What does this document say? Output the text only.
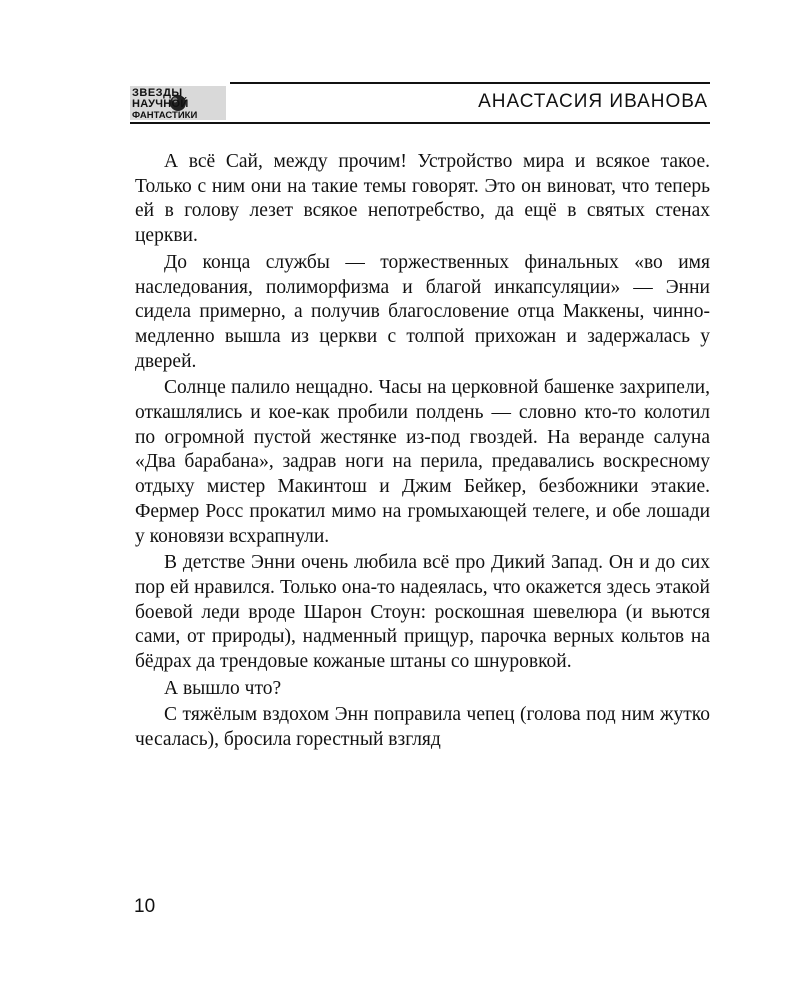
ЗВЕЗДЫ
НАУЧНОЙ
ФАНТАСТИКИ
АНАСТАСИЯ ИВАНОВА

А всё Сай, между прочим! Устройство мира и всякое такое. Только с ним они на такие темы говорят. Это он виноват, что теперь ей в голову лезет всякое непотребство, да ещё в святых стенах церкви.

До конца службы — торжественных финальных «во имя наследования, полиморфизма и благой инкапсуляции» — Энни сидела примерно, а получив благословение отца Маккены, чинно-медленно вышла из церкви с толпой прихожан и задержалась у дверей.

Солнце палило нещадно. Часы на церковной башенке захрипели, откашлялись и кое-как пробили полдень — словно кто-то колотил по огромной пустой жестянке из-под гвоздей. На веранде салуна «Два барабана», задрав ноги на перила, предавались воскресному отдыху мистер Макинтош и Джим Бейкер, безбожники этакие. Фермер Росс прокатил мимо на громыхающей телеге, и обе лошади у коновязи всхрапнули.

В детстве Энни очень любила всё про Дикий Запад. Он и до сих пор ей нравился. Только она-то надеялась, что окажется здесь этакой боевой леди вроде Шарон Стоун: роскошная шевелюра (и вьются сами, от природы), надменный прищур, парочка верных кольтов на бёдрах да трендовые кожаные штаны со шнуровкой.

А вышло что?

С тяжёлым вздохом Энн поправила чепец (голова под ним жутко чесалась), бросила горестный взгляд

10
